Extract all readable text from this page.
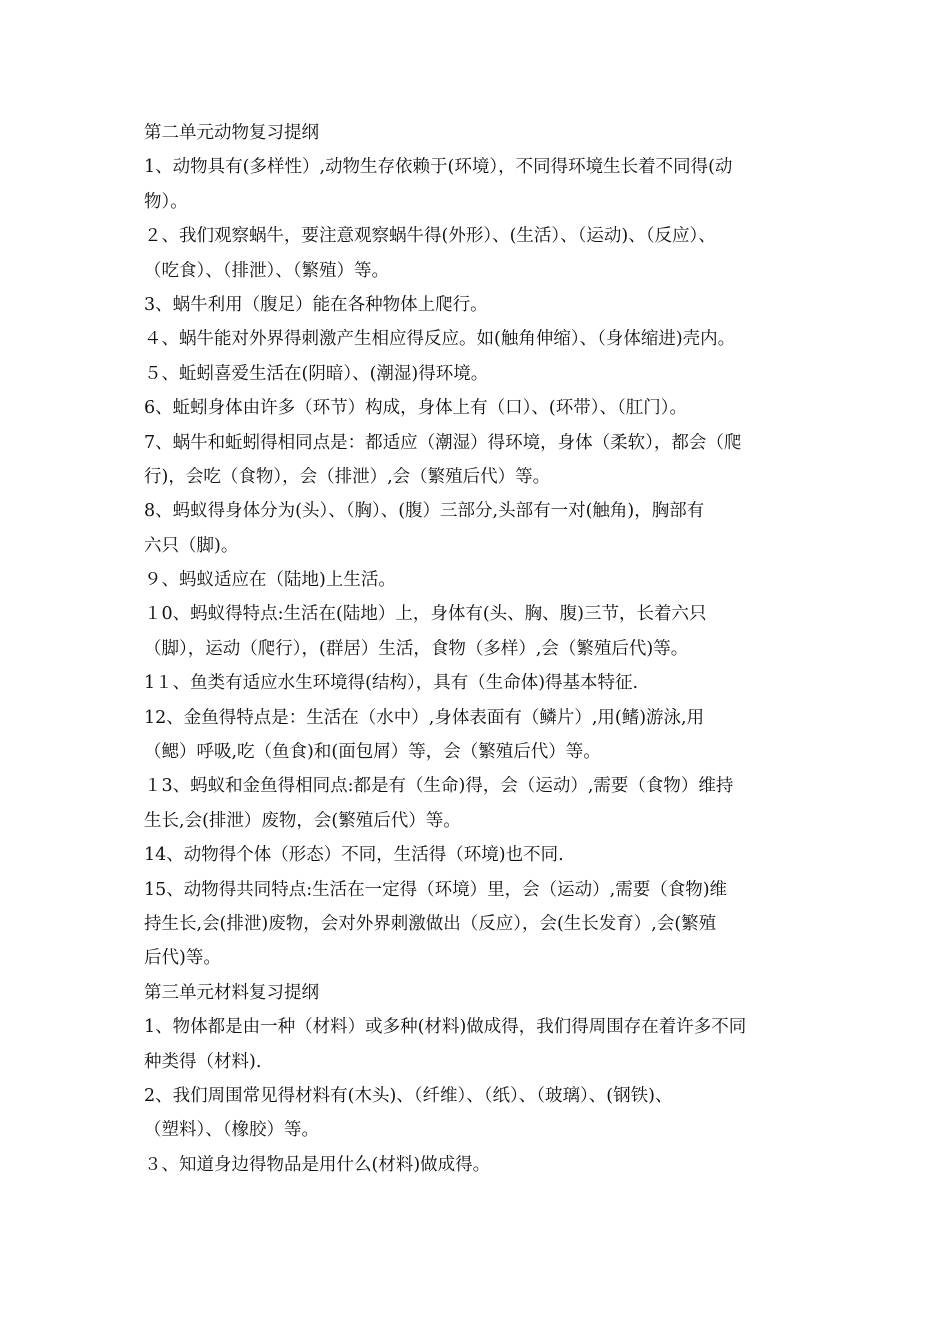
第二单元动物复习提纲
1、动物具有(多样性）,动物生存依赖于(环境），不同得环境生长着不同得(动
物）。
２、我们观察蜗牛，要注意观察蜗牛得(外形）、(生活）、（运动)、（反应）、
（吃食）、（排泄）、（繁殖）等。
3、蜗牛利用（腹足）能在各种物体上爬行。
４、蜗牛能对外界得刺激产生相应得反应。如(触角伸缩）、（身体缩进)壳内。
５、蚯蚓喜爱生活在(阴暗）、(潮湿)得环境。
6、蚯蚓身体由许多（环节）构成，身体上有（口）、(环带）、（肛门）。
7、蜗牛和蚯蚓得相同点是：都适应（潮湿）得环境，身体（柔软），都会（爬
行)，会吃（食物），会（排泄）,会（繁殖后代）等。
8、蚂蚁得身体分为(头）、（胸）、(腹）三部分,头部有一对(触角)，胸部有
六只（脚)。
９、蚂蚁适应在（陆地)上生活。
１0、蚂蚁得特点:生活在(陆地）上，身体有(头、胸、腹)三节，长着六只
（脚），运动（爬行），(群居）生活，食物（多样）,会（繁殖后代)等。
1１、鱼类有适应水生环境得(结构），具有（生命体)得基本特征.
12、金鱼得特点是：生活在（水中）,身体表面有（鳞片）,用(鳍)游泳,用
（鳃）呼吸,吃（鱼食)和(面包屑）等，会（繁殖后代）等。
１3、蚂蚁和金鱼得相同点:都是有（生命)得，会（运动）,需要（食物）维持
生长,会(排泄）废物，会(繁殖后代）等。
14、动物得个体（形态）不同，生活得（环境)也不同.
15、动物得共同特点:生活在一定得（环境）里，会（运动）,需要（食物)维
持生长,会(排泄)废物，会对外界刺激做出（反应），会(生长发育）,会(繁殖
后代)等。
第三单元材料复习提纲
1、物体都是由一种（材料）或多种(材料)做成得，我们得周围存在着许多不同
种类得（材料).
2、我们周围常见得材料有(木头)、（纤维）、（纸）、（玻璃）、(钢铁)、
（塑料）、（橡胶）等。
３、知道身边得物品是用什么(材料)做成得。
